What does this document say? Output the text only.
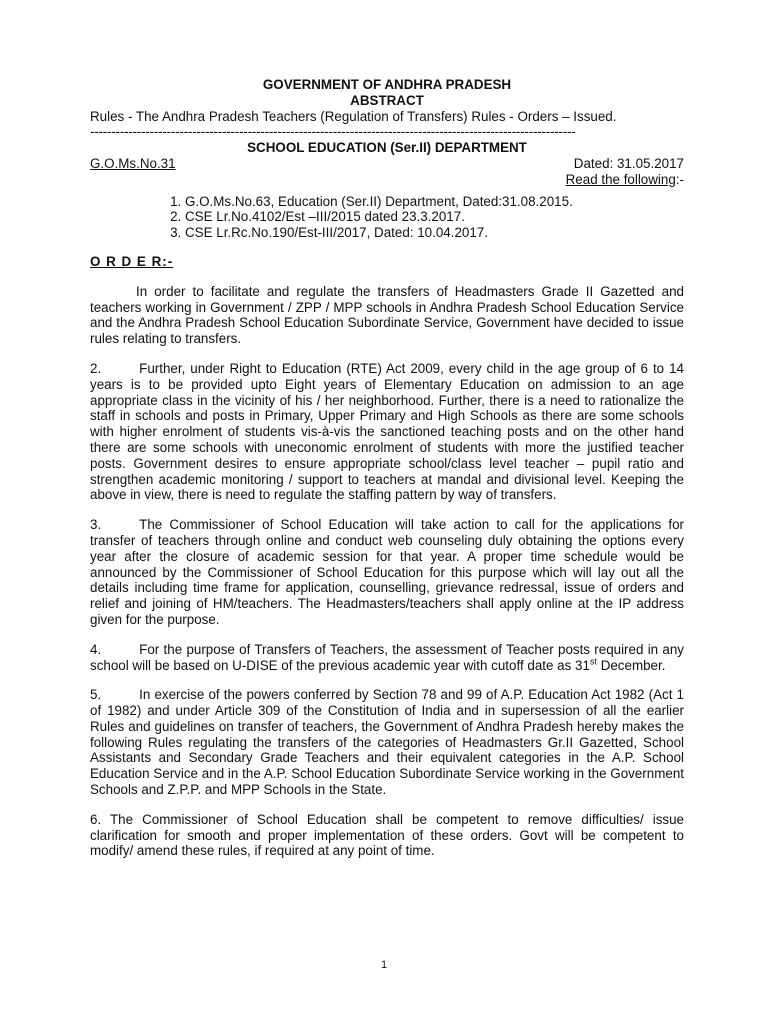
GOVERNMENT OF ANDHRA PRADESH
ABSTRACT
Rules - The Andhra Pradesh Teachers (Regulation of Transfers) Rules - Orders – Issued.
------------------------------------------------------------------------------------------------------------------
SCHOOL EDUCATION (Ser.II) DEPARTMENT
G.O.Ms.No.31	Dated: 31.05.2017
Read the following:-
1. G.O.Ms.No.63, Education (Ser.II) Department, Dated:31.08.2015.
2. CSE Lr.No.4102/Est –III/2015 dated 23.3.2017.
3. CSE Lr.Rc.No.190/Est-III/2017, Dated: 10.04.2017.
O R D E R:-

In order to facilitate and regulate the transfers of Headmasters Grade II Gazetted and teachers working in Government / ZPP / MPP schools in Andhra Pradesh School Education Service and the Andhra Pradesh School Education Subordinate Service, Government have decided to issue rules relating to transfers.

2.	Further, under Right to Education (RTE) Act 2009, every child in the age group of 6 to 14 years is to be provided upto Eight years of Elementary Education on admission to an age appropriate class in the vicinity of his / her neighborhood. Further, there is a need to rationalize the staff in schools and posts in Primary, Upper Primary and High Schools as there are some schools with higher enrolment of students vis-à-vis the sanctioned teaching posts and on the other hand there are some schools with uneconomic enrolment of students with more the justified teacher posts. Government desires to ensure appropriate school/class level teacher – pupil ratio and strengthen academic monitoring / support to teachers at mandal and divisional level. Keeping the above in view, there is need to regulate the staffing pattern by way of transfers.

3.	The Commissioner of School Education will take action to call for the applications for transfer of teachers through online and conduct web counseling duly obtaining the options every year after the closure of academic session for that year. A proper time schedule would be announced by the Commissioner of School Education for this purpose which will lay out all the details including time frame for application, counselling, grievance redressal, issue of orders and relief and joining of HM/teachers. The Headmasters/teachers shall apply online at the IP address given for the purpose.

4.	For the purpose of Transfers of Teachers, the assessment of Teacher posts required in any school will be based on U-DISE of the previous academic year with cutoff date as 31st December.

5.	In exercise of the powers conferred by Section 78 and 99 of A.P. Education Act 1982 (Act 1 of 1982) and under Article 309 of the Constitution of India and in supersession of all the earlier Rules and guidelines on transfer of teachers, the Government of Andhra Pradesh hereby makes the following Rules regulating the transfers of the categories of Headmasters Gr.II Gazetted, School Assistants and Secondary Grade Teachers and their equivalent categories in the A.P. School Education Service and in the A.P. School Education Subordinate Service working in the Government Schools and Z.P.P. and MPP Schools in the State.

6. The Commissioner of School Education shall be competent to remove difficulties/ issue clarification for smooth and proper implementation of these orders. Govt will be competent to modify/ amend these rules, if required at any point of time.

1
